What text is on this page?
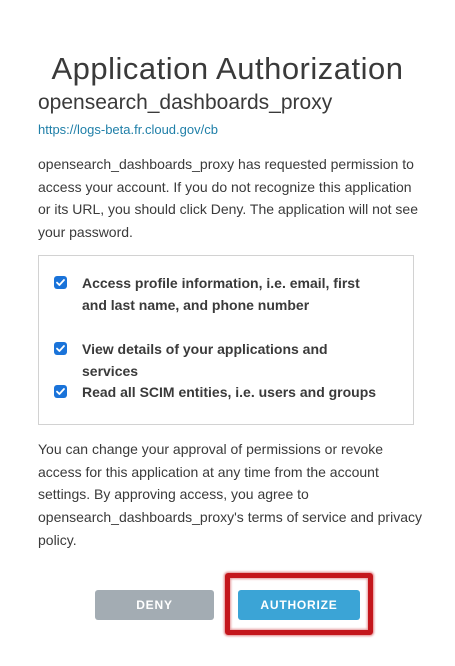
Application Authorization
opensearch_dashboards_proxy
https://logs-beta.fr.cloud.gov/cb

opensearch_dashboards_proxy has requested permission to access your account. If you do not recognize this application or its URL, you should click Deny. The application will not see your password.

Access profile information, i.e. email, first and last name, and phone number
View details of your applications and services
Read all SCIM entities, i.e. users and groups

You can change your approval of permissions or revoke access for this application at any time from the account settings. By approving access, you agree to opensearch_dashboards_proxy's terms of service and privacy policy.

DENY	AUTHORIZE
